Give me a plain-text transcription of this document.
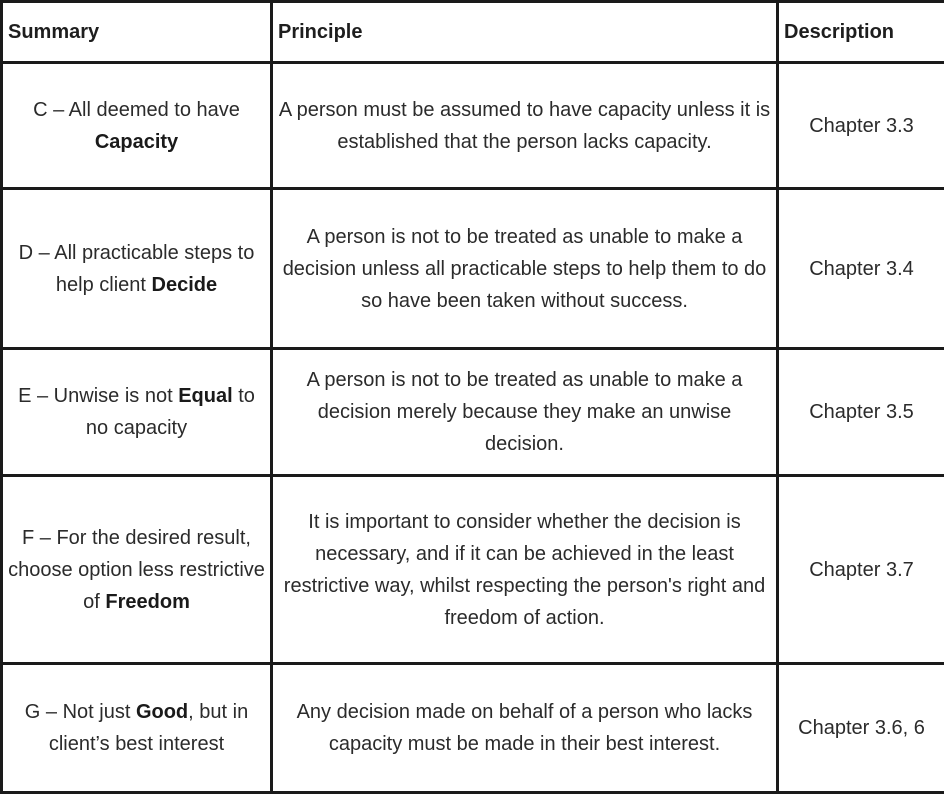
Summary	Principle	Description
C – All deemed to have Capacity	A person must be assumed to have capacity unless it is established that the person lacks capacity.	Chapter 3.3
D – All practicable steps to help client Decide	A person is not to be treated as unable to make a decision unless all practicable steps to help them to do so have been taken without success.	Chapter 3.4
E – Unwise is not Equal to no capacity	A person is not to be treated as unable to make a decision merely because they make an unwise decision.	Chapter 3.5
F – For the desired result, choose option less restrictive of Freedom	It is important to consider whether the decision is necessary, and if it can be achieved in the least restrictive way, whilst respecting the person's right and freedom of action.	Chapter 3.7
G – Not just Good, but in client’s best interest	Any decision made on behalf of a person who lacks capacity must be made in their best interest.	Chapter 3.6, 6
